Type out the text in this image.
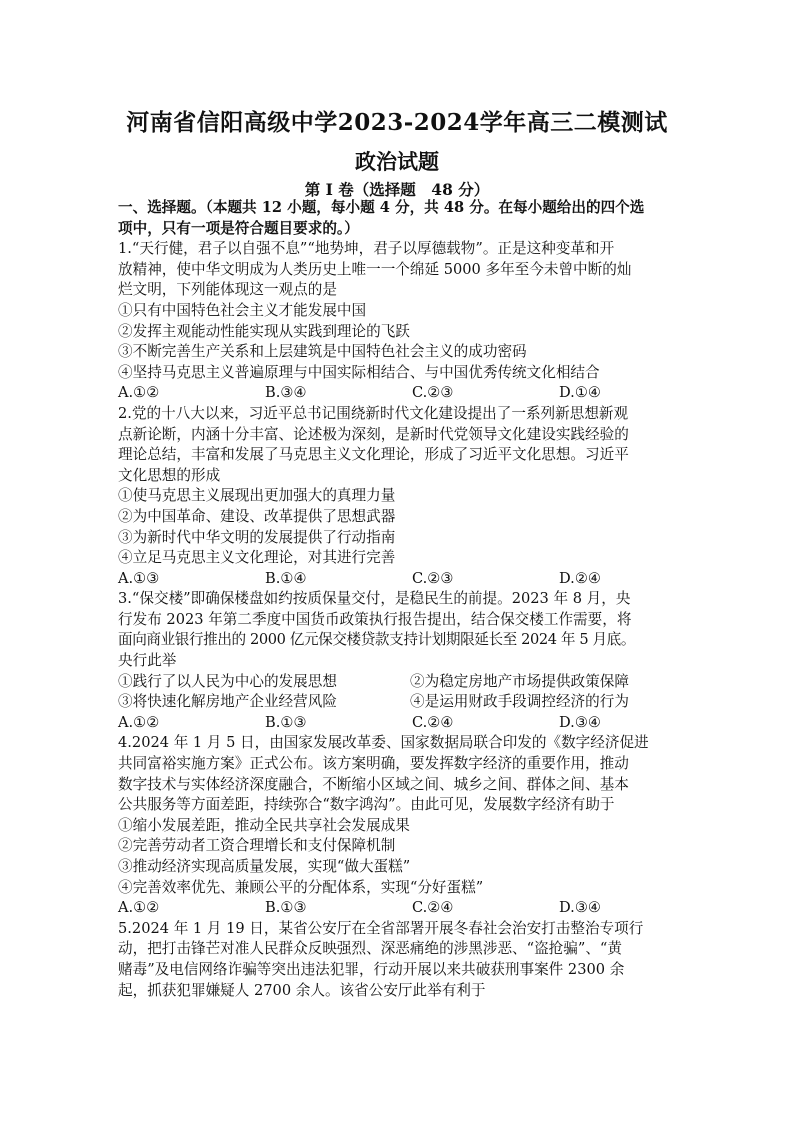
河南省信阳高级中学2023-2024学年高三二模测试
政治试题
第 I 卷（选择题　48 分）
一、选择题。（本题共 12 小题，每小题 4 分，共 48 分。在每小题给出的四个选
项中，只有一项是符合题目要求的。）
1.“天行健，君子以自强不息”“地势坤，君子以厚德载物”。正是这种变革和开
放精神，使中华文明成为人类历史上唯一一个绵延 5000 多年至今未曾中断的灿
烂文明，下列能体现这一观点的是
①只有中国特色社会主义才能发展中国
②发挥主观能动性能实现从实践到理论的飞跃
③不断完善生产关系和上层建筑是中国特色社会主义的成功密码
④坚持马克思主义普遍原理与中国实际相结合、与中国优秀传统文化相结合
A.①②	B.③④	C.②③	D.①④
2.党的十八大以来，习近平总书记围绕新时代文化建设提出了一系列新思想新观
点新论断，内涵十分丰富、论述极为深刻，是新时代党领导文化建设实践经验的
理论总结，丰富和发展了马克思主义文化理论，形成了习近平文化思想。习近平
文化思想的形成
①使马克思主义展现出更加强大的真理力量
②为中国革命、建设、改革提供了思想武器
③为新时代中华文明的发展提供了行动指南
④立足马克思主义文化理论，对其进行完善
A.①③	B.①④	C.②③	D.②④
3.“保交楼”即确保楼盘如约按质保量交付，是稳民生的前提。2023 年 8 月，央
行发布 2023 年第二季度中国货币政策执行报告提出，结合保交楼工作需要，将
面向商业银行推出的 2000 亿元保交楼贷款支持计划期限延长至 2024 年 5 月底。
央行此举
①践行了以人民为中心的发展思想	②为稳定房地产市场提供政策保障
③将快速化解房地产企业经营风险	④是运用财政手段调控经济的行为
A.①②	B.①③	C.②④	D.③④
4.2024 年 1 月 5 日，由国家发展改革委、国家数据局联合印发的《数字经济促进
共同富裕实施方案》正式公布。该方案明确，要发挥数字经济的重要作用，推动
数字技术与实体经济深度融合，不断缩小区域之间、城乡之间、群体之间、基本
公共服务等方面差距，持续弥合“数字鸿沟”。由此可见，发展数字经济有助于
①缩小发展差距，推动全民共享社会发展成果
②完善劳动者工资合理增长和支付保障机制
③推动经济实现高质量发展，实现“做大蛋糕”
④完善效率优先、兼顾公平的分配体系，实现“分好蛋糕”
A.①②	B.①③	C.②④	D.③④
5.2024 年 1 月 19 日，某省公安厅在全省部署开展冬春社会治安打击整治专项行
动，把打击锋芒对准人民群众反映强烈、深恶痛绝的涉黑涉恶、“盗抢骗”、“黄
赌毒”及电信网络诈骗等突出违法犯罪，行动开展以来共破获刑事案件 2300 余
起，抓获犯罪嫌疑人 2700 余人。该省公安厅此举有利于
